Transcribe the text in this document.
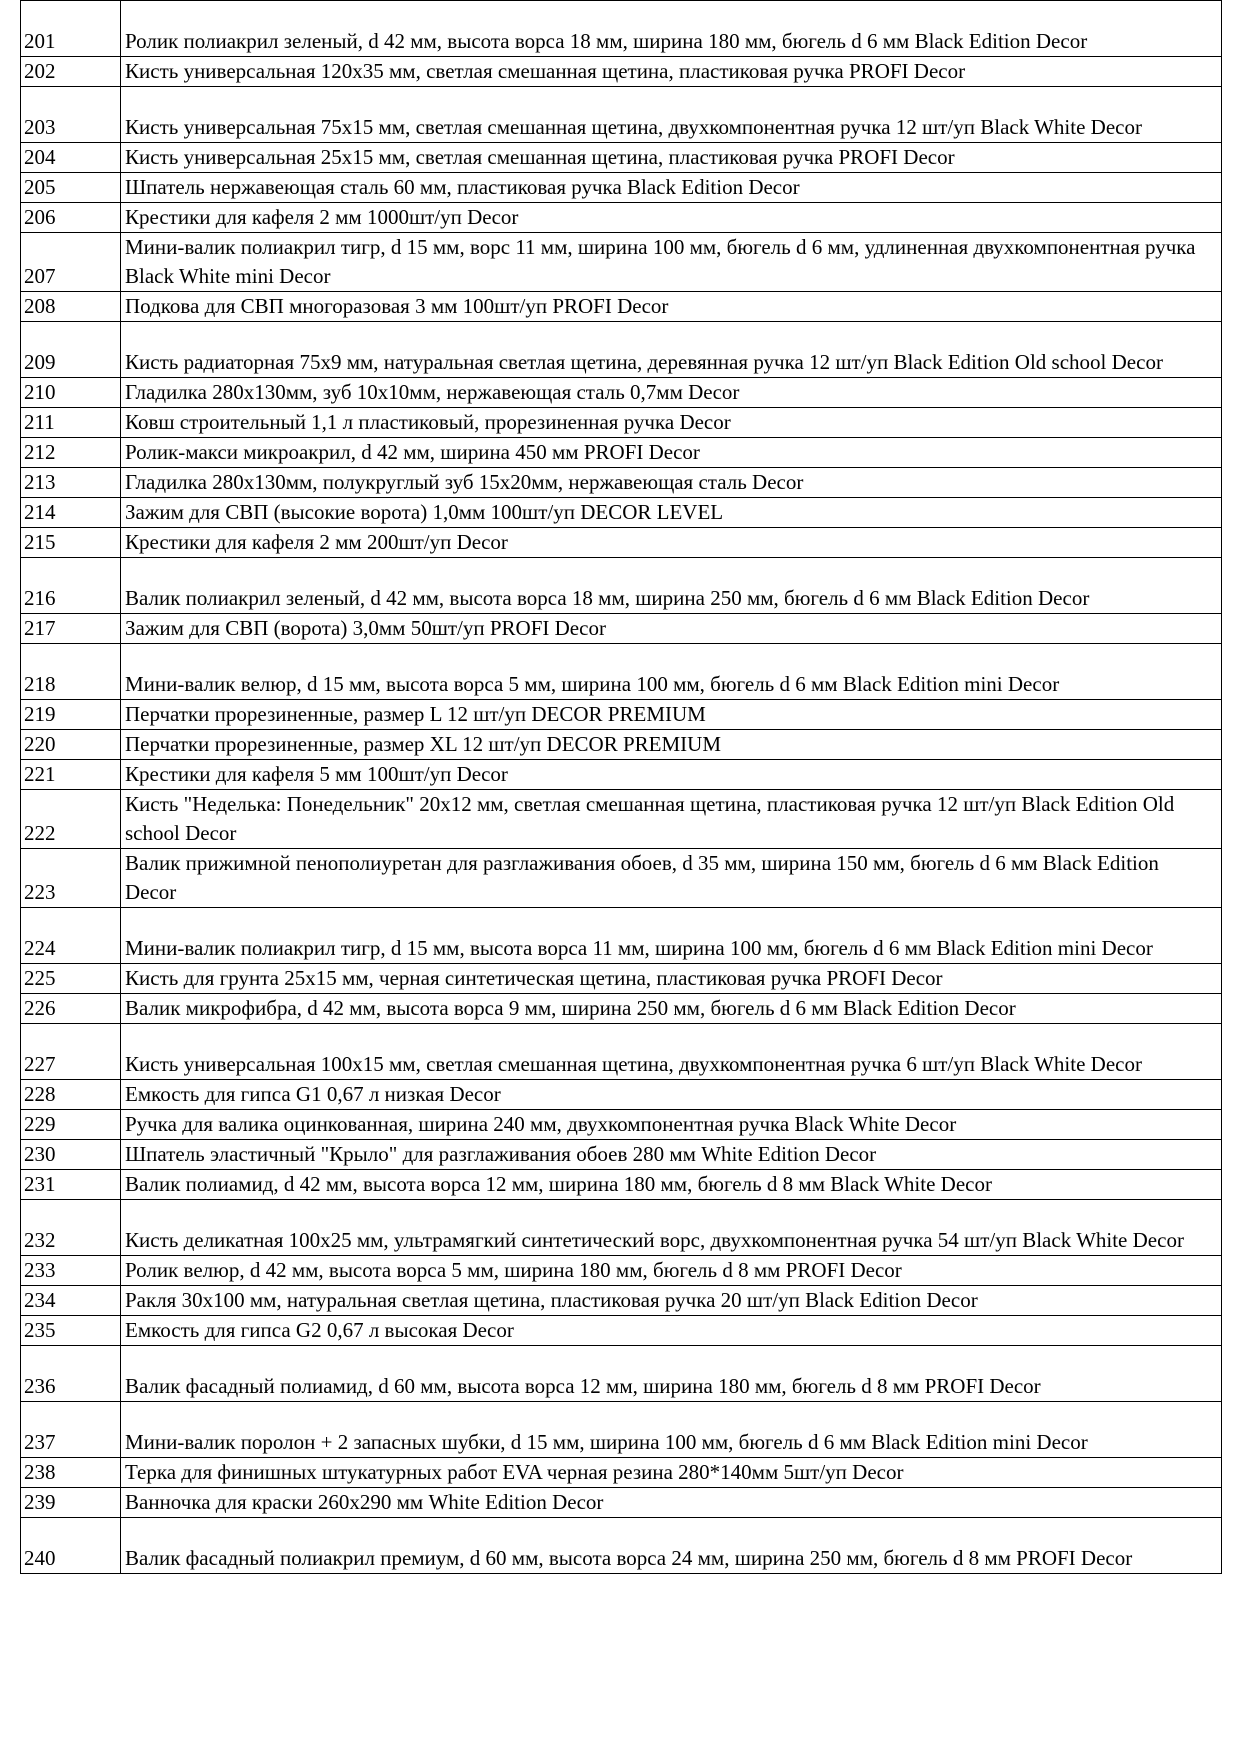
201	Ролик полиакрил зеленый, d 42 мм, высота ворса 18 мм, ширина 180 мм, бюгель d 6 мм Black Edition Decor
202	Кисть универсальная 120х35 мм, светлая смешанная щетина, пластиковая ручка PROFI Decor
203	Кисть универсальная 75х15 мм, светлая смешанная щетина, двухкомпонентная ручка 12 шт/уп Black White Decor
204	Кисть универсальная 25х15 мм, светлая смешанная щетина, пластиковая ручка PROFI Decor
205	Шпатель нержавеющая сталь 60 мм, пластиковая ручка Black Edition Decor
206	Крестики для кафеля 2 мм 1000шт/уп Decor
207	Мини-валик полиакрил тигр, d 15 мм, ворс 11 мм, ширина 100 мм, бюгель d 6 мм, удлиненная двухкомпонентная ручка Black White mini Decor
208	Подкова для СВП многоразовая 3 мм 100шт/уп PROFI Decor
209	Кисть радиаторная 75х9 мм, натуральная светлая щетина, деревянная ручка 12 шт/уп Black Edition Old school Decor
210	Гладилка 280х130мм, зуб 10х10мм, нержавеющая сталь 0,7мм Decor
211	Ковш строительный 1,1 л пластиковый, прорезиненная ручка Decor
212	Ролик-макси микроакрил, d 42 мм, ширина 450 мм PROFI Decor
213	Гладилка 280х130мм, полукруглый зуб 15х20мм, нержавеющая сталь Decor
214	Зажим для СВП (высокие ворота) 1,0мм 100шт/уп DECOR LEVEL
215	Крестики для кафеля 2 мм 200шт/уп Decor
216	Валик полиакрил зеленый, d 42 мм, высота ворса 18 мм, ширина 250 мм, бюгель d 6 мм Black Edition Decor
217	Зажим для СВП (ворота) 3,0мм 50шт/уп PROFI Decor
218	Мини-валик велюр, d 15 мм, высота ворса 5 мм, ширина 100 мм, бюгель d 6 мм Black Edition mini Decor
219	Перчатки прорезиненные, размер L 12 шт/уп DECOR PREMIUM
220	Перчатки прорезиненные, размер XL 12 шт/уп DECOR PREMIUM
221	Крестики для кафеля 5 мм 100шт/уп Decor
222	Кисть "Неделька: Понедельник" 20х12 мм, светлая смешанная щетина, пластиковая ручка 12 шт/уп Black Edition Old school Decor
223	Валик прижимной пенополиуретан для разглаживания обоев, d 35 мм, ширина 150 мм, бюгель d 6 мм Black Edition Decor
224	Мини-валик полиакрил тигр, d 15 мм, высота ворса 11 мм, ширина 100 мм, бюгель d 6 мм Black Edition mini Decor
225	Кисть для грунта 25х15 мм, черная синтетическая щетина, пластиковая ручка PROFI Decor
226	Валик микрофибра, d 42 мм, высота ворса 9 мм, ширина 250 мм, бюгель d 6 мм Black Edition Decor
227	Кисть универсальная 100х15 мм, светлая смешанная щетина, двухкомпонентная ручка 6 шт/уп Black White Decor
228	Емкость для гипса G1 0,67 л низкая Decor
229	Ручка для валика оцинкованная, ширина 240 мм, двухкомпонентная ручка Black White Decor
230	Шпатель эластичный "Крыло" для разглаживания обоев 280 мм White Edition Decor
231	Валик полиамид, d 42 мм, высота ворса 12 мм, ширина 180 мм, бюгель d 8 мм Black White Decor
232	Кисть деликатная 100х25 мм, ультрамягкий синтетический ворс, двухкомпонентная ручка 54 шт/уп Black White Decor
233	Ролик велюр, d 42 мм, высота ворса 5 мм, ширина 180 мм, бюгель d 8 мм PROFI Decor
234	Ракля 30х100 мм, натуральная светлая щетина, пластиковая ручка 20 шт/уп Black Edition Decor
235	Емкость для гипса G2 0,67 л высокая Decor
236	Валик фасадный полиамид, d 60 мм, высота ворса 12 мм, ширина 180 мм, бюгель d 8 мм PROFI Decor
237	Мини-валик поролон + 2 запасных шубки, d 15 мм, ширина 100 мм, бюгель d 6 мм Black Edition mini Decor
238	Терка для финишных штукатурных работ EVA черная резина 280*140мм 5шт/уп Decor
239	Ванночка для краски 260х290 мм White Edition Decor
240	Валик фасадный полиакрил премиум, d 60 мм, высота ворса 24 мм, ширина 250 мм, бюгель d 8 мм PROFI Decor
